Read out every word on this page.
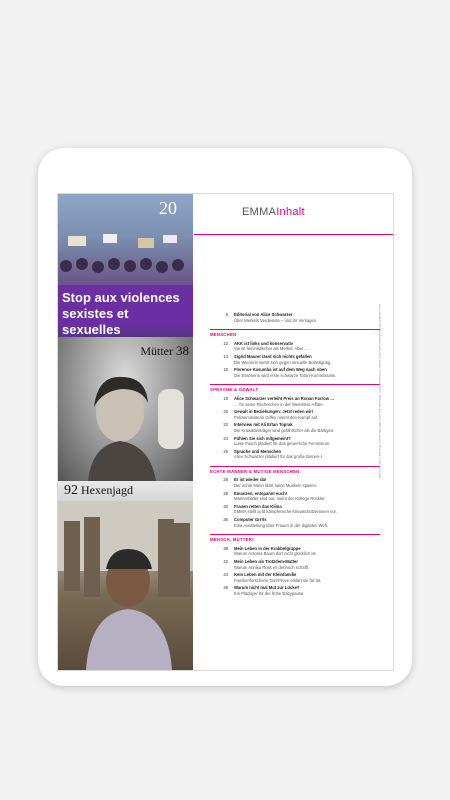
20
Stop aux violences sexistes et sexuelles
Mütter 38
92 Hexenjagd
EMMAInhalt
6	Editorial von Alice Schwarzer
Über Merkels Verdienste – und ihr Versagen.
MENSCHEN
12	AKK ist links und konservativ
Sie ist feministischer als Merkel. Aber …
14	Sigrid Maurer lässt sich nichts gefallen
Die Wienerin wehrt sich gegen sexuelle Belästigung.
16	Florence Kasumba ist auf dem Weg nach oben
Die Essenerin wird erste schwarze Tatort-Kommissarin.
SPRACHE & GEWALT
18	Alice Schwarzer verleiht Preis an Ronan Farrow …
… für seine Recherchen in der Weinstein-Affäre.
20	Gewalt in Beziehungen: Jetzt reden wir!
Polizeiministerin Giffey nimmt den Kampf auf.
22	Interview mit Ali Ertan Toprak
Die Krawattenträger sind gefährlicher als die Bärtigen.
24	Fühlen Sie sich mitgemeint?
Luise Pusch plädiert für das generische Femininum.
25	Sprache und Menschen
Alice Schwarzer plädiert für das große Binnen-I.
ECHTE MÄNNER & MUTIGE MENSCHEN
26	Er ist wieder da!
Der echte Mann lässt seine Muskeln spielen.
28	Emanzen, entspannt euch!
Männerbilder sind out, meint der Kollege Rückler.
30	Frauen retten das Klima
EMMA stellt acht kämpferische Klimaschützerinnen vor.
36	Computer Grrrls
Eine Ausstellung über Frauen in der digitalen Welt.
MENSCH, MÜTTER!
38	Mein Leben in der Krabbelgruppe
Warum Antonia Baum dort nicht glücklich ist.
42	Mein Leben als Trotzdem-Mutter
Warum Annika Ross es dennoch schafft.
44	Kein Leben mit der Kleinfamilie
Familienforscherin Tazi-Preve erklärt sie für tot.
46	Warum nicht mal Mut zur Lücke?
Ein Plädoyer für die frühe Babypause.
Fotos: Abdulhamid Hosbas/Anadolu Agency/Getty Images; Foto Keystone/Alamy; Bildagentur; dpa; privat; Wikimedia; Reuters; Photothek; Imago; akg-images
